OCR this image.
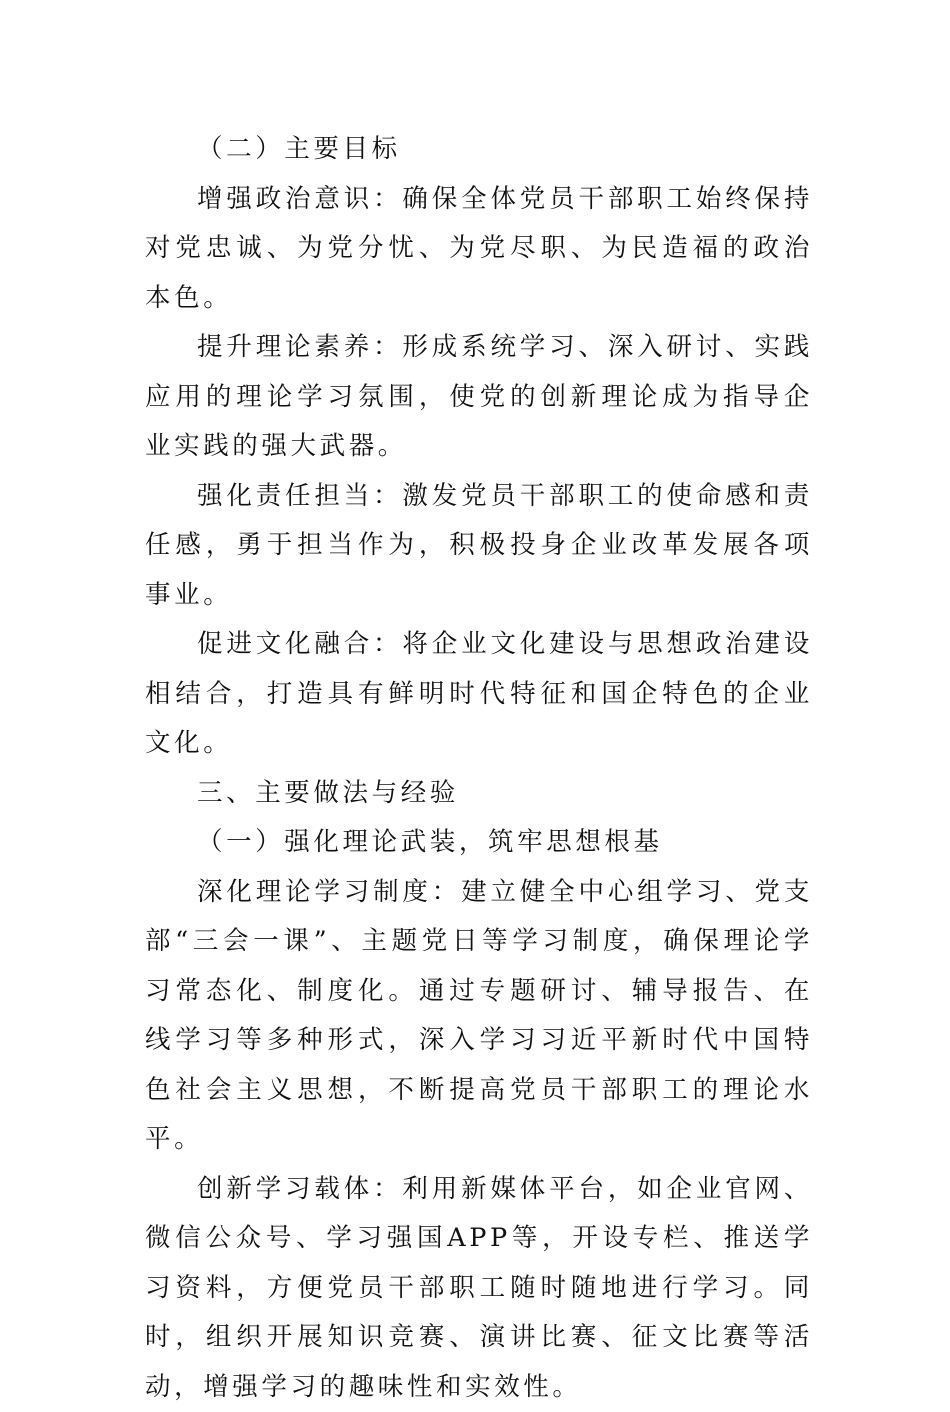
（二）主要目标

增强政治意识：确保全体党员干部职工始终保持对党忠诚、为党分忧、为党尽职、为民造福的政治本色。

提升理论素养：形成系统学习、深入研讨、实践应用的理论学习氛围，使党的创新理论成为指导企业实践的强大武器。

强化责任担当：激发党员干部职工的使命感和责任感，勇于担当作为，积极投身企业改革发展各项事业。

促进文化融合：将企业文化建设与思想政治建设相结合，打造具有鲜明时代特征和国企特色的企业文化。

三、主要做法与经验

（一）强化理论武装，筑牢思想根基

深化理论学习制度：建立健全中心组学习、党支部“三会一课”、主题党日等学习制度，确保理论学习常态化、制度化。通过专题研讨、辅导报告、在线学习等多种形式，深入学习习近平新时代中国特色社会主义思想，不断提高党员干部职工的理论水平。

创新学习载体：利用新媒体平台，如企业官网、微信公众号、学习强国APP等，开设专栏、推送学习资料，方便党员干部职工随时随地进行学习。同时，组织开展知识竞赛、演讲比赛、征文比赛等活动，增强学习的趣味性和实效性。
